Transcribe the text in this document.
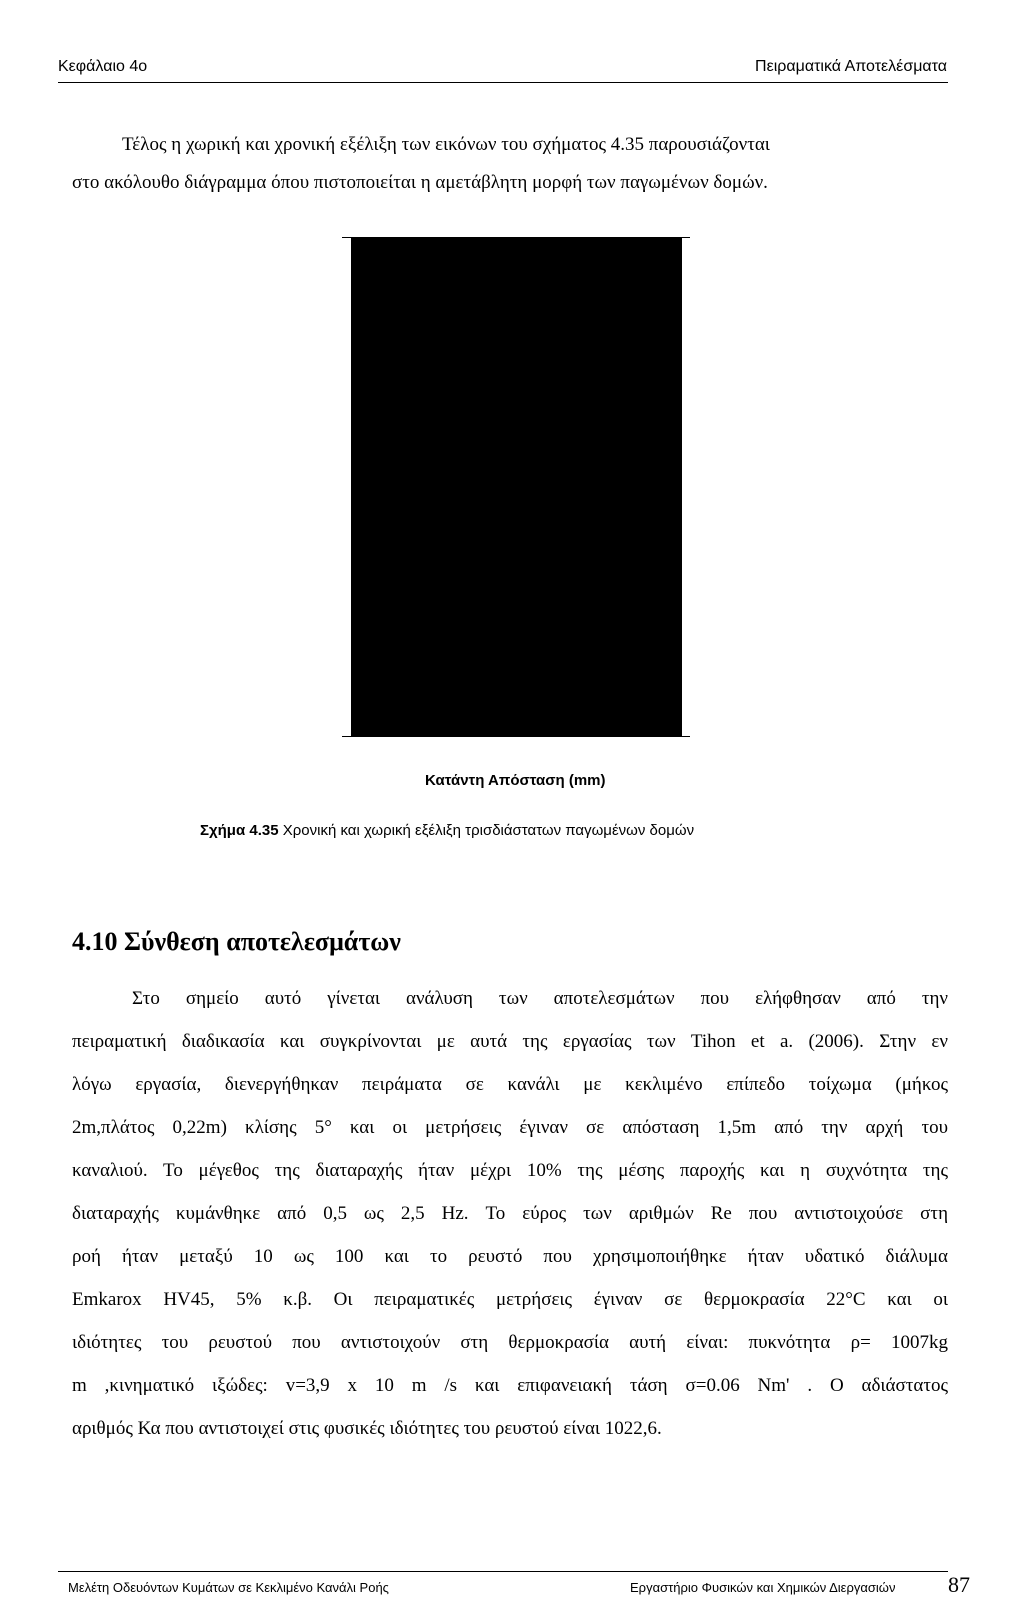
Κεφάλαιο 4ο	Πειραματικά Αποτελέσματα
Τέλος η χωρική και χρονική εξέλιξη των εικόνων του σχήματος 4.35 παρουσιάζονται
στο ακόλουθο διάγραμμα όπου πιστοποιείται η αμετάβλητη μορφή των παγωμένων δομών.
Κατάντη Απόσταση (mm)
Σχήμα 4.35 Χρονική και χωρική εξέλιξη τρισδιάστατων παγωμένων δομών
4.10 Σύνθεση αποτελεσμάτων
Στο σημείο αυτό γίνεται ανάλυση των αποτελεσμάτων που ελήφθησαν από την
πειραματική διαδικασία και συγκρίνονται με αυτά της εργασίας των Tihon et a. (2006). Στην εν
λόγω εργασία, διενεργήθηκαν πειράματα σε κανάλι με κεκλιμένο επίπεδο τοίχωμα (μήκος
2m,πλάτος 0,22m) κλίσης 5° και οι μετρήσεις έγιναν σε απόσταση 1,5m από την αρχή του
καναλιού. Το μέγεθος της διαταραχής ήταν μέχρι 10% της μέσης παροχής και η συχνότητα της
διαταραχής κυμάνθηκε από 0,5 ως 2,5 Hz. Το εύρος των αριθμών Re που αντιστοιχούσε στη
ροή ήταν μεταξύ 10 ως 100 και το ρευστό που χρησιμοποιήθηκε ήταν υδατικό διάλυμα
Emkarox HV45, 5% κ.β. Οι πειραματικές μετρήσεις έγιναν σε θερμοκρασία 22°C και οι
ιδιότητες του ρευστού που αντιστοιχούν στη θερμοκρασία αυτή είναι: πυκνότητα ρ= 1007kg
m ,κινηματικό ιξώδες: v=3,9 x 10 m /s και επιφανειακή τάση σ=0.06 Nm' . Ο αδιάστατος
αριθμός Κα που αντιστοιχεί στις φυσικές ιδιότητες του ρευστού είναι 1022,6.
Μελέτη Οδευόντων Κυμάτων σε Κεκλιμένο Κανάλι Ροής	Εργαστήριο Φυσικών και Χημικών Διεργασιών 87
